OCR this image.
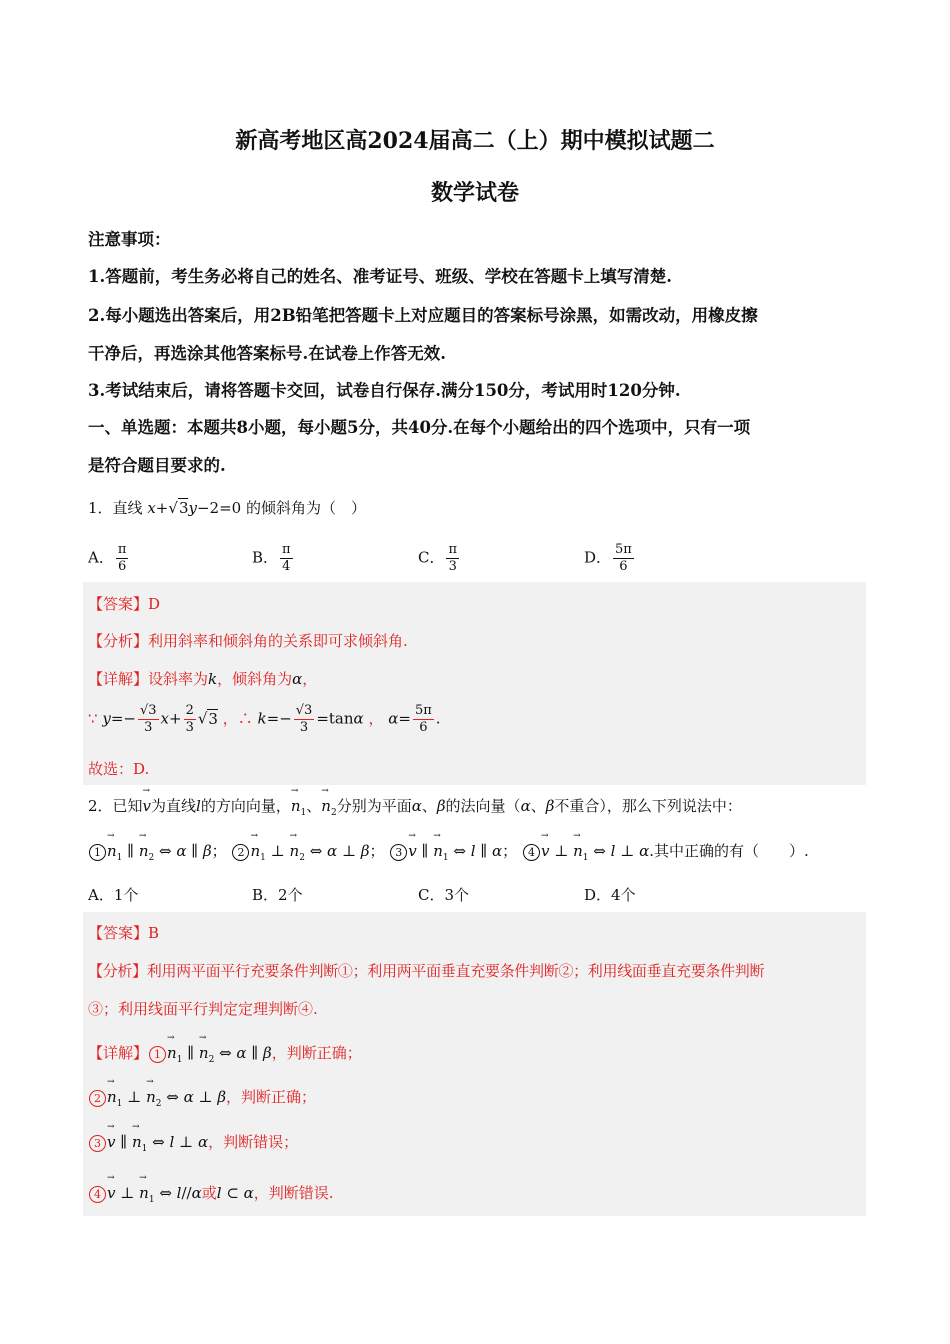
新高考地区高2024届高二（上）期中模拟试题二
数学试卷
注意事项：
1.答题前，考生务必将自己的姓名、准考证号、班级、学校在答题卡上填写清楚.
2.每小题选出答案后，用2B铅笔把答题卡上对应题目的答案标号涂黑，如需改动，用橡皮擦
干净后，再选涂其他答案标号.在试卷上作答无效.
3.考试结束后，请将答题卡交回，试卷自行保存.满分150分，考试用时120分钟.
一、单选题：本题共8小题，每小题5分，共40分.在每个小题给出的四个选项中，只有一项
是符合题目要求的.
1．直线 x+√3y−2=0 的倾斜角为（　）
A． $\frac{\pi}{6}$	B． $\frac{\pi}{4}$	C． $\frac{\pi}{3}$	D． $\frac{5\pi}{6}$
【答案】D
【分析】利用斜率和倾斜角的关系即可求倾斜角.
【详解】设斜率为k，倾斜角为α，
∵ $y=- \frac{√3}{3} x+ \frac{2}{3} √3$ ，∴ $k=- \frac{√3}{3} =\tan\alpha$ ， $\alpha= \frac{5\pi}{6}$ .
故选：D.
2．已知→ v为直线l的方向向量，→ $n_1$、→ $n_2$分别为平面α、β的法向量（α、β不重合），那么下列说法中：
$1 \to n_1$ ∥ → $n_2$ ⇔ α ∥ β； $2 \to n_1$ ⊥ → $n_2$ ⇔ α ⊥ β； 3 → v ∥ → $n_1$ ⇔ l ∥ α； 4 → v ⊥ → $n_1$ ⇔ l ⊥ α.其中正确的有（　　）.
A．1个	B．2个	C．3个	D．4个
【答案】B
【分析】利用两平面平行充要条件判断①；利用两平面垂直充要条件判断②；利用线面垂直充要条件判断
③；利用线面平行判定定理判断④.
【详解】 $1 \to n_1$ ∥ → $n_2$ ⇔ α ∥ β，判断正确；
$2 \to n_1$ ⊥ → $n_2$ ⇔ α ⊥ β，判断正确；
3 → v ∥ → $n_1$ ⇔ l ⊥ α，判断错误；
4 → v ⊥ → $n_1$ ⇔ l//α或l ⊂ α，判断错误.
